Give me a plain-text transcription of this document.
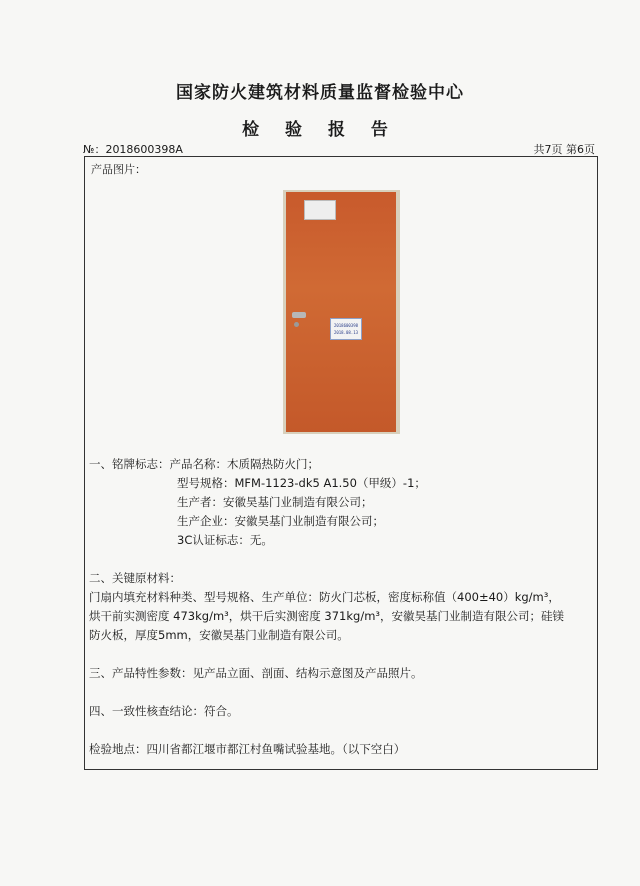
国家防火建筑材料质量监督检验中心
检 验 报 告
№：2018600398A	共7页 第6页
产品图片：
2018600398
2018.08.13
一、铭牌标志：产品名称：木质隔热防火门；
型号规格：MFM-1123-dk5 A1.50（甲级）-1；
生产者：安徽昊基门业制造有限公司；
生产企业：安徽昊基门业制造有限公司；
3C认证标志：无。
二、关键原材料：
门扇内填充材料种类、型号规格、生产单位：防火门芯板，密度标称值（400±40）kg/m³，
烘干前实测密度 473kg/m³，烘干后实测密度 371kg/m³，安徽昊基门业制造有限公司；硅镁
防火板，厚度5mm，安徽昊基门业制造有限公司。
三、产品特性参数：见产品立面、剖面、结构示意图及产品照片。
四、一致性核查结论：符合。
检验地点：四川省都江堰市都江村鱼嘴试验基地。（以下空白）
